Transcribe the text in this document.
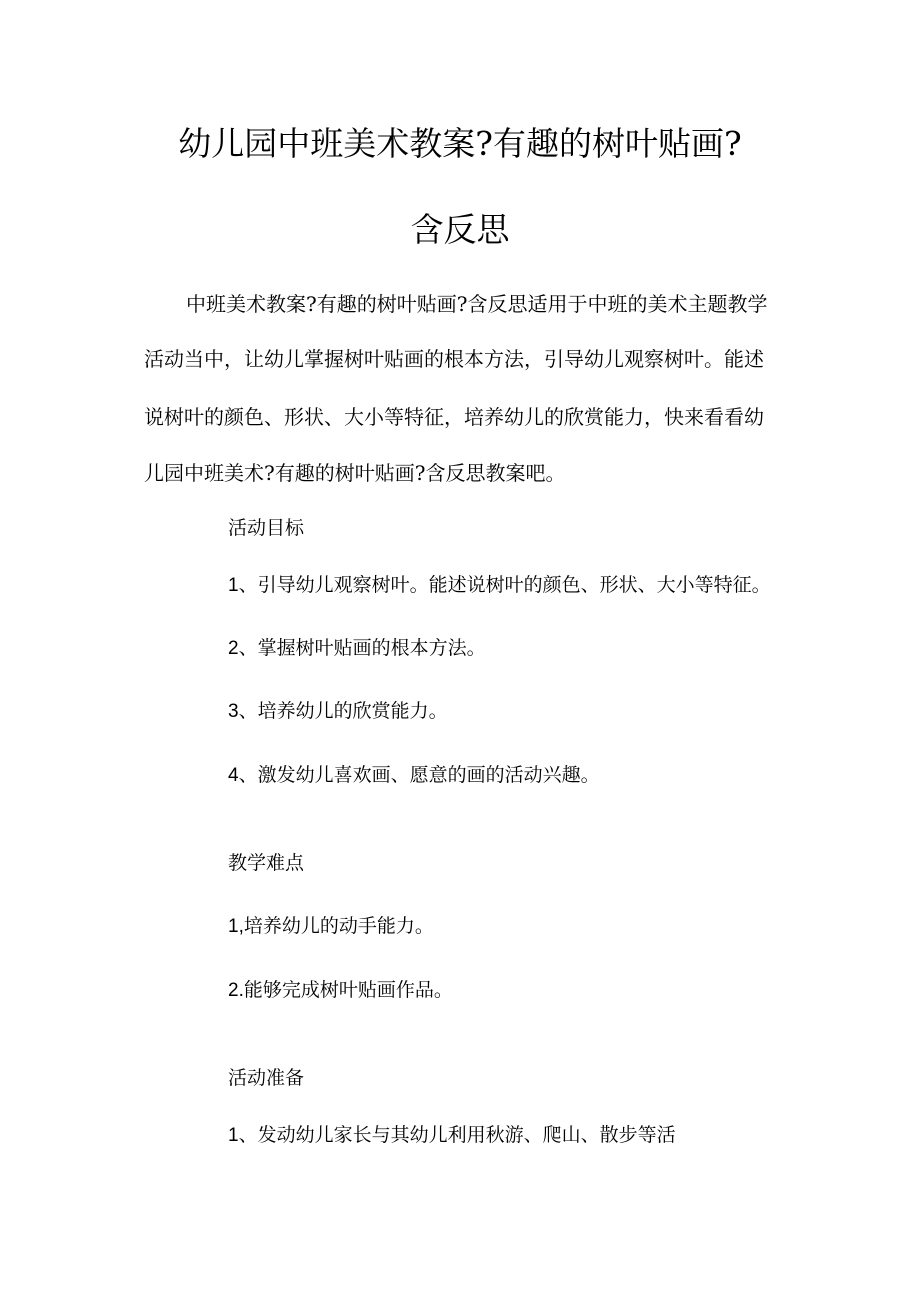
幼儿园中班美术教案?有趣的树叶贴画?
含反思
中班美术教案?有趣的树叶贴画?含反思适用于中班的美术主题教学
活动当中，让幼儿掌握树叶贴画的根本方法，引导幼儿观察树叶。能述
说树叶的颜色、形状、大小等特征，培养幼儿的欣赏能力，快来看看幼
儿园中班美术?有趣的树叶贴画?含反思教案吧。
活动目标
1、引导幼儿观察树叶。能述说树叶的颜色、形状、大小等特征。
2、掌握树叶贴画的根本方法。
3、培养幼儿的欣赏能力。
4、激发幼儿喜欢画、愿意的画的活动兴趣。
教学难点
1,培养幼儿的动手能力。
2.能够完成树叶贴画作品。
活动准备
1、发动幼儿家长与其幼儿利用秋游、爬山、散步等活
